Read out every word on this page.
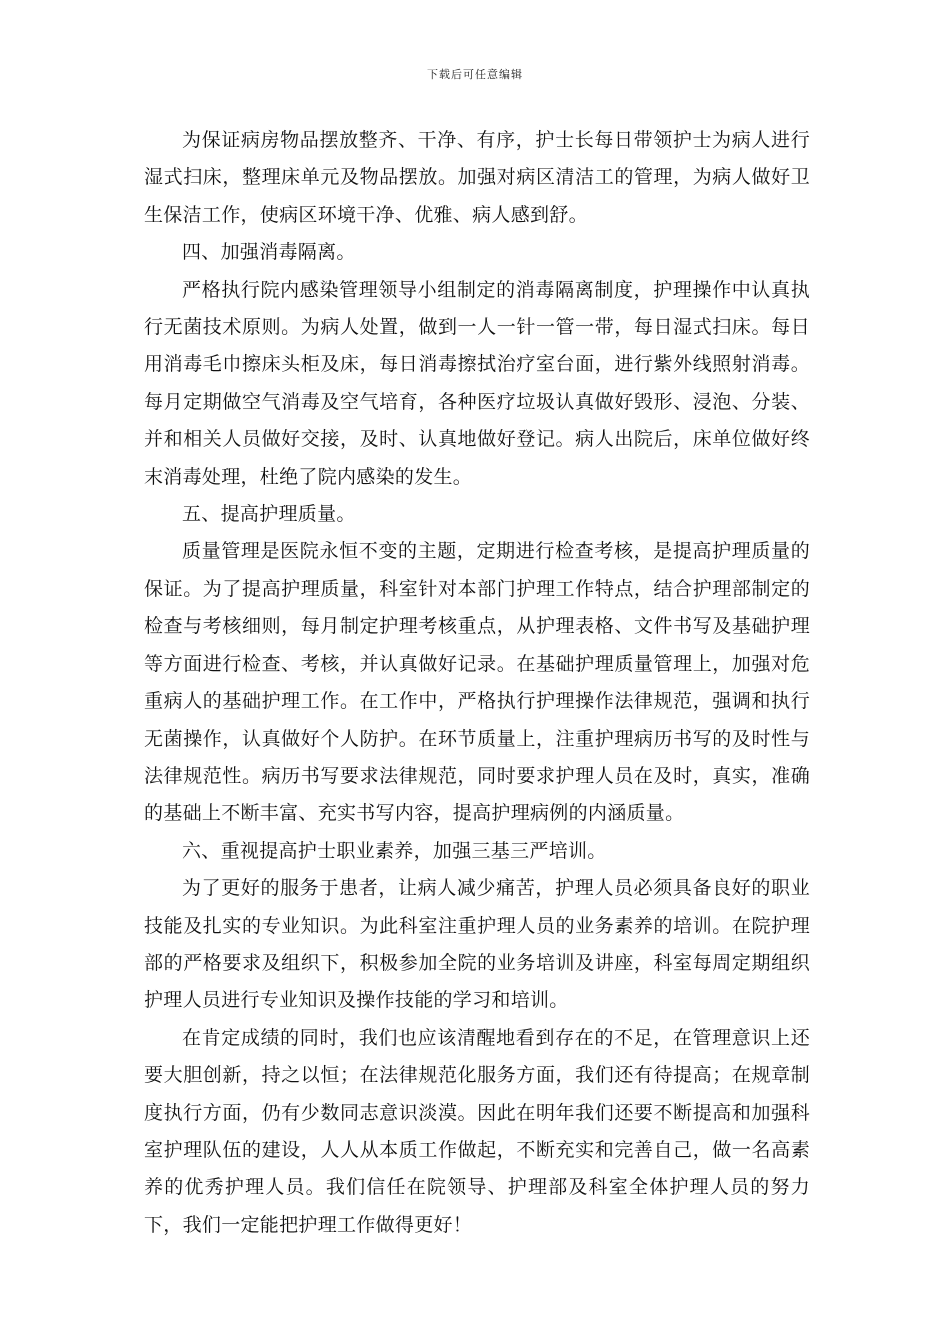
下载后可任意编辑

为保证病房物品摆放整齐、干净、有序，护士长每日带领护士为病人进行湿式扫床，整理床单元及物品摆放。加强对病区清洁工的管理，为病人做好卫生保洁工作，使病区环境干净、优雅、病人感到舒。

四、加强消毒隔离。

严格执行院内感染管理领导小组制定的消毒隔离制度，护理操作中认真执行无菌技术原则。为病人处置，做到一人一针一管一带，每日湿式扫床。每日用消毒毛巾擦床头柜及床，每日消毒擦拭治疗室台面，进行紫外线照射消毒。每月定期做空气消毒及空气培育，各种医疗垃圾认真做好毁形、浸泡、分装、并和相关人员做好交接，及时、认真地做好登记。病人出院后，床单位做好终末消毒处理，杜绝了院内感染的发生。

五、提高护理质量。

质量管理是医院永恒不变的主题，定期进行检查考核，是提高护理质量的保证。为了提高护理质量，科室针对本部门护理工作特点，结合护理部制定的检查与考核细则，每月制定护理考核重点，从护理表格、文件书写及基础护理等方面进行检查、考核，并认真做好记录。在基础护理质量管理上，加强对危重病人的基础护理工作。在工作中，严格执行护理操作法律规范，强调和执行无菌操作，认真做好个人防护。在环节质量上，注重护理病历书写的及时性与法律规范性。病历书写要求法律规范，同时要求护理人员在及时，真实，准确的基础上不断丰富、充实书写内容，提高护理病例的内涵质量。

六、重视提高护士职业素养，加强三基三严培训。

为了更好的服务于患者，让病人减少痛苦，护理人员必须具备良好的职业技能及扎实的专业知识。为此科室注重护理人员的业务素养的培训。在院护理部的严格要求及组织下，积极参加全院的业务培训及讲座，科室每周定期组织护理人员进行专业知识及操作技能的学习和培训。

在肯定成绩的同时，我们也应该清醒地看到存在的不足，在管理意识上还要大胆创新，持之以恒；在法律规范化服务方面，我们还有待提高；在规章制度执行方面，仍有少数同志意识淡漠。因此在明年我们还要不断提高和加强科室护理队伍的建设，人人从本质工作做起，不断充实和完善自己，做一名高素养的优秀护理人员。我们信任在院领导、护理部及科室全体护理人员的努力下，我们一定能把护理工作做得更好！
